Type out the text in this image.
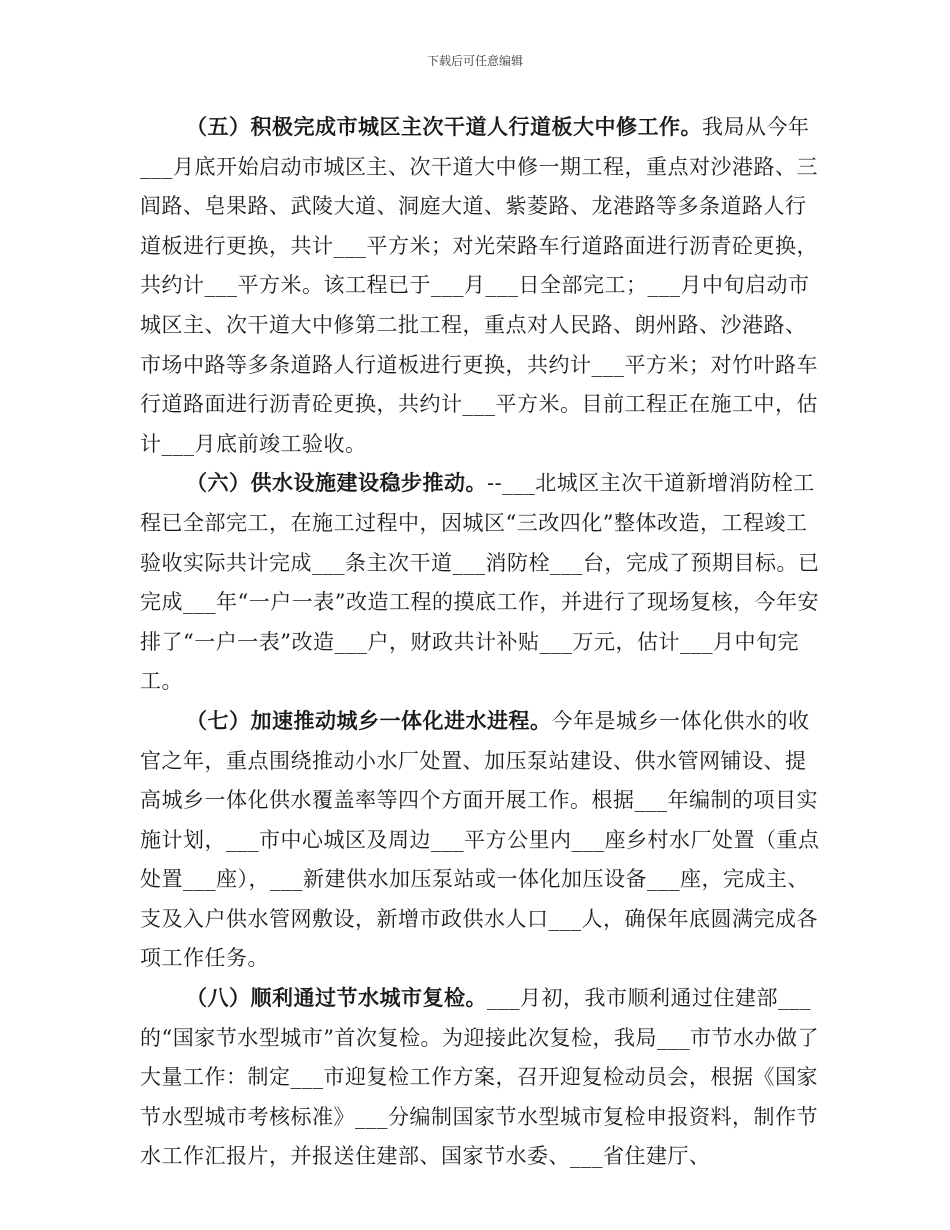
下载后可任意编辑

（五）积极完成市城区主次干道人行道板大中修工作。我局从今年___月底开始启动市城区主、次干道大中修一期工程，重点对沙港路、三闾路、皂果路、武陵大道、洞庭大道、紫菱路、龙港路等多条道路人行道板进行更换，共计___平方米；对光荣路车行道路面进行沥青砼更换，共约计___平方米。该工程已于___月___日全部完工；___月中旬启动市城区主、次干道大中修第二批工程，重点对人民路、朗州路、沙港路、市场中路等多条道路人行道板进行更换，共约计___平方米；对竹叶路车行道路面进行沥青砼更换，共约计___平方米。目前工程正在施工中，估计___月底前竣工验收。

（六）供水设施建设稳步推动。--___北城区主次干道新增消防栓工程已全部完工，在施工过程中，因城区“三改四化”整体改造，工程竣工验收实际共计完成___条主次干道___消防栓___台，完成了预期目标。已完成___年“一户一表”改造工程的摸底工作，并进行了现场复核，今年安排了“一户一表”改造___户，财政共计补贴___万元，估计___月中旬完工。

（七）加速推动城乡一体化进水进程。今年是城乡一体化供水的收官之年，重点围绕推动小水厂处置、加压泵站建设、供水管网铺设、提高城乡一体化供水覆盖率等四个方面开展工作。根据___年编制的项目实施计划，___市中心城区及周边___平方公里内___座乡村水厂处置（重点处置___座），___新建供水加压泵站或一体化加压设备___座，完成主、支及入户供水管网敷设，新增市政供水人口___人，确保年底圆满完成各项工作任务。

（八）顺利通过节水城市复检。___月初，我市顺利通过住建部___的“国家节水型城市”首次复检。为迎接此次复检，我局___市节水办做了大量工作：制定___市迎复检工作方案，召开迎复检动员会，根据《国家节水型城市考核标准》___分编制国家节水型城市复检申报资料，制作节水工作汇报片，并报送住建部、国家节水委、___省住建厅、
